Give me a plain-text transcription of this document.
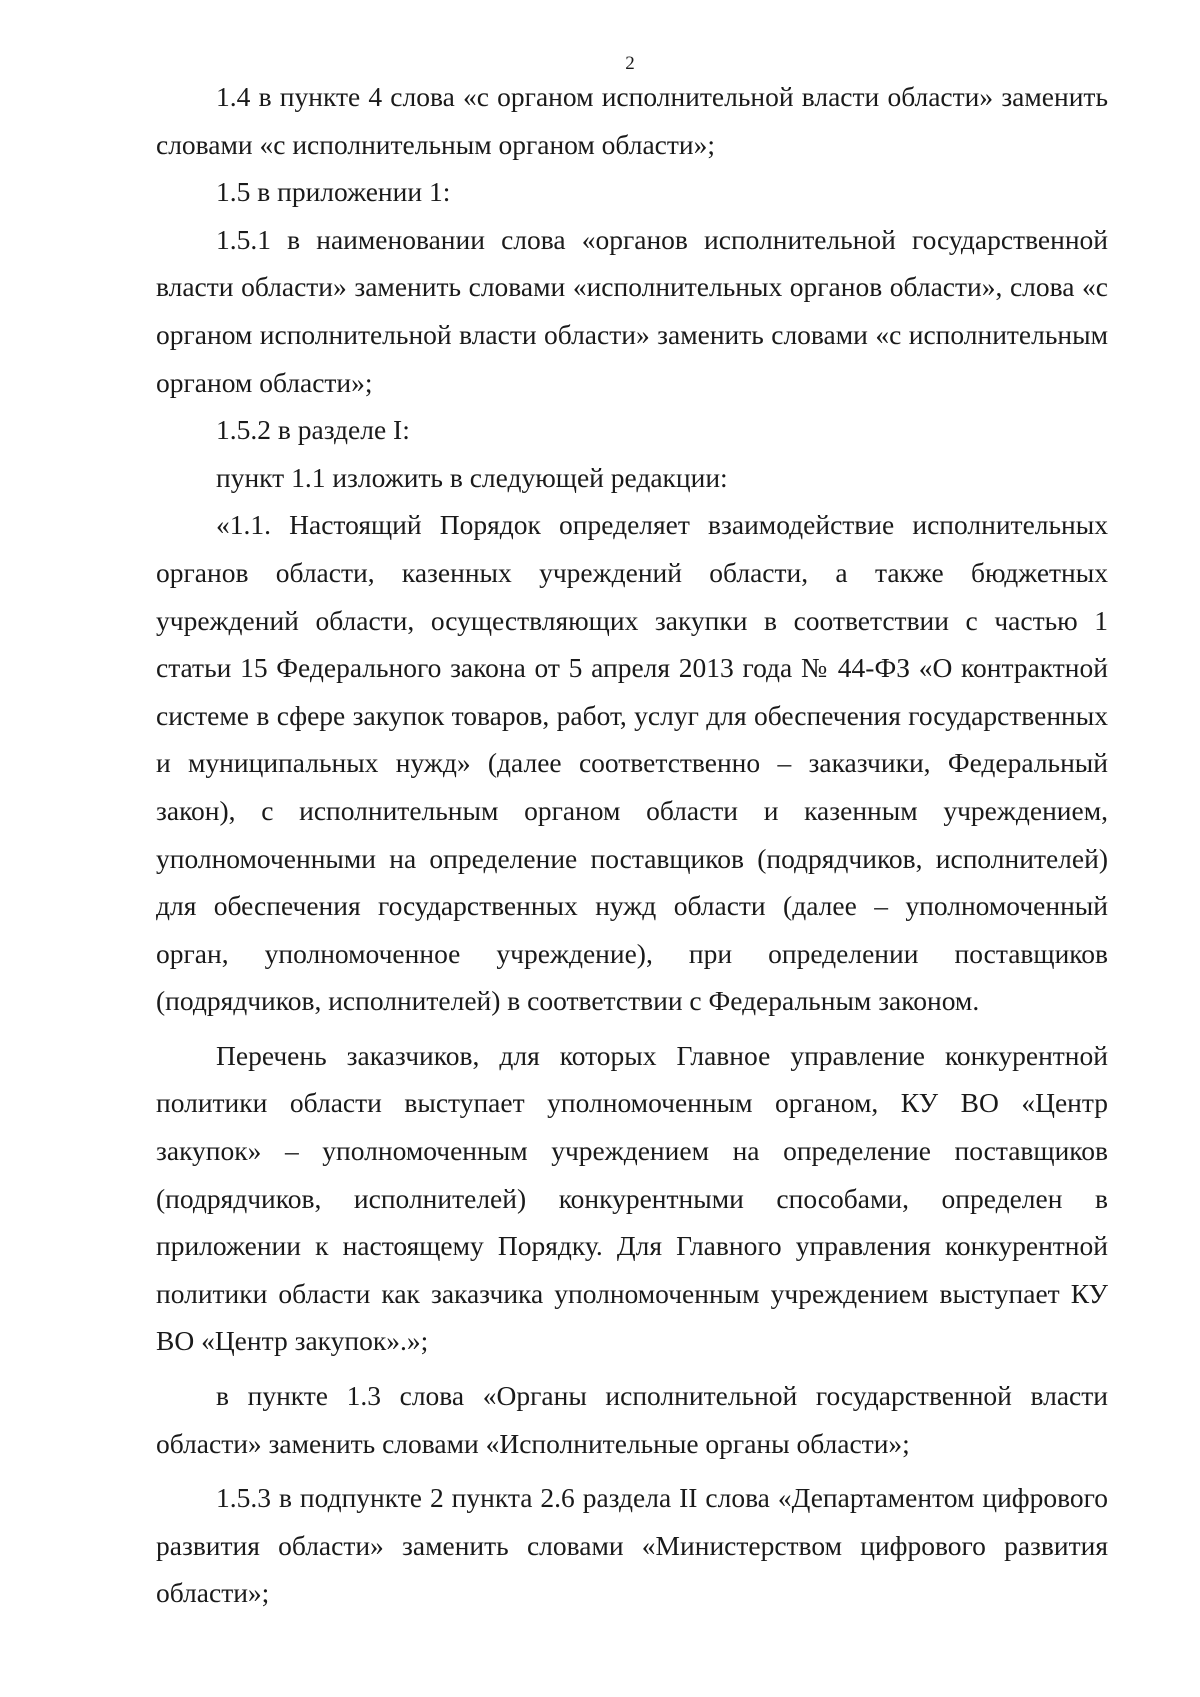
2

1.4 в пункте 4 слова «с органом исполнительной власти области» заменить словами «с исполнительным органом области»;

1.5 в приложении 1:

1.5.1 в наименовании слова «органов исполнительной государственной власти области» заменить словами «исполнительных органов области», слова «с органом исполнительной власти области» заменить словами «с исполнительным органом области»;

1.5.2 в разделе I:

пункт 1.1 изложить в следующей редакции:

«1.1. Настоящий Порядок определяет взаимодействие исполнительных органов области, казенных учреждений области, а также бюджетных учреждений области, осуществляющих закупки в соответствии с частью 1 статьи 15 Федерального закона от 5 апреля 2013 года № 44-ФЗ «О контрактной системе в сфере закупок товаров, работ, услуг для обеспечения государственных и муниципальных нужд» (далее соответственно – заказчики, Федеральный закон), с исполнительным органом области и казенным учреждением, уполномоченными на определение поставщиков (подрядчиков, исполнителей) для обеспечения государственных нужд области (далее – уполномоченный орган, уполномоченное учреждение), при определении поставщиков (подрядчиков, исполнителей) в соответствии с Федеральным законом.

Перечень заказчиков, для которых Главное управление конкурентной политики области выступает уполномоченным органом, КУ ВО «Центр закупок» – уполномоченным учреждением на определение поставщиков (подрядчиков, исполнителей) конкурентными способами, определен в приложении к настоящему Порядку. Для Главного управления конкурентной политики области как заказчика уполномоченным учреждением выступает КУ ВО «Центр закупок».»;

в пункте 1.3 слова «Органы исполнительной государственной власти области» заменить словами «Исполнительные органы области»;

1.5.3 в подпункте 2 пункта 2.6 раздела II слова «Департаментом цифрового развития области» заменить словами «Министерством цифрового развития области»;
